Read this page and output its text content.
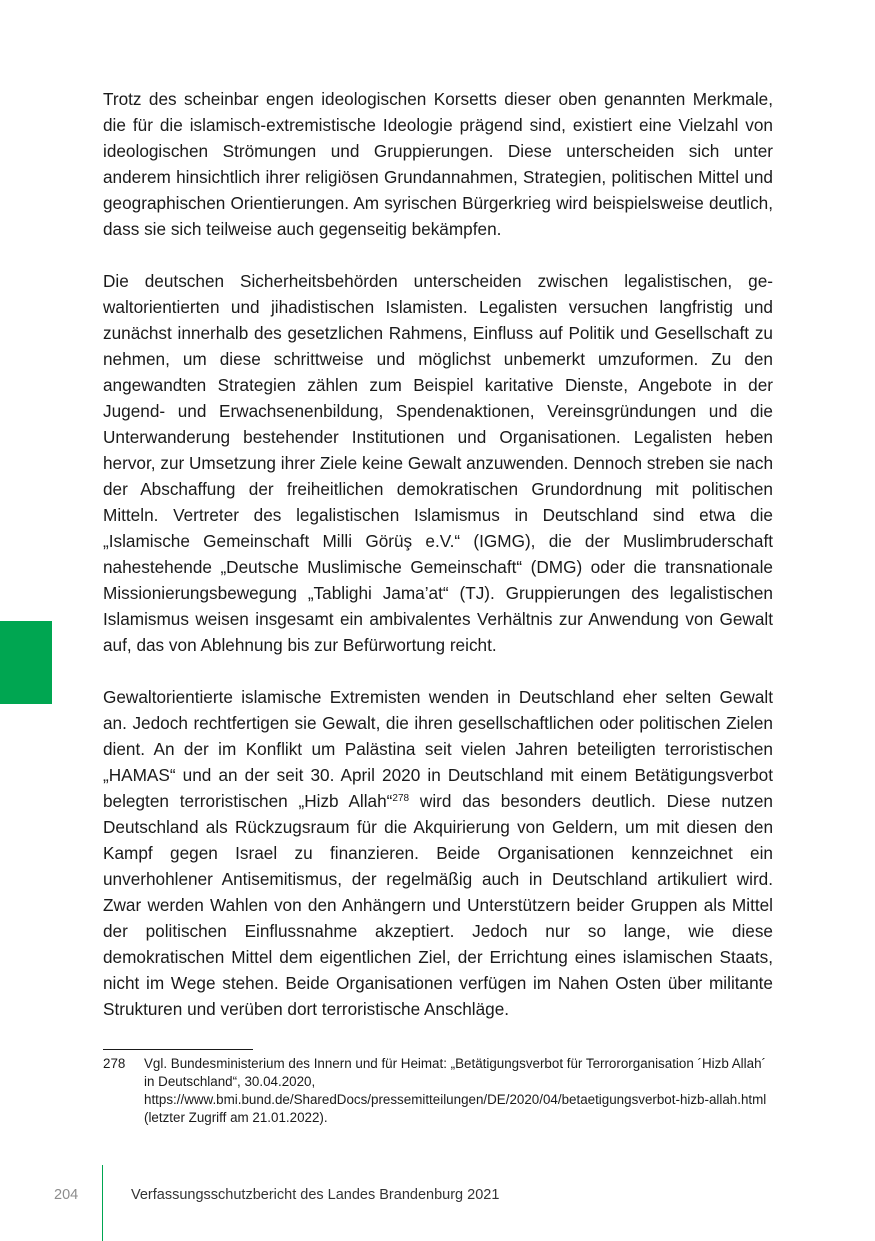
Trotz des scheinbar engen ideologischen Korsetts dieser oben genannten Merkmale, die für die islamisch-extremistische Ideologie prägend sind, existiert eine Vielzahl von ideologischen Strömungen und Gruppierungen. Diese unterscheiden sich unter anderem hinsichtlich ihrer religiösen Grundannahmen, Strategien, politischen Mittel und geographischen Orientierungen. Am syrischen Bürgerkrieg wird beispielsweise deutlich, dass sie sich teilweise auch gegenseitig bekämpfen.

Die deutschen Sicherheitsbehörden unterscheiden zwischen legalistischen, gewaltorientierten und jihadistischen Islamisten. Legalisten versuchen langfristig und zunächst innerhalb des gesetzlichen Rahmens, Einfluss auf Politik und Gesellschaft zu nehmen, um diese schrittweise und möglichst unbemerkt umzuformen. Zu den angewandten Strategien zählen zum Beispiel karitative Dienste, Angebote in der Jugend- und Erwachsenenbildung, Spendenaktionen, Vereinsgründungen und die Unterwanderung bestehender Institutionen und Organisationen. Legalisten heben hervor, zur Umsetzung ihrer Ziele keine Gewalt anzuwenden. Dennoch streben sie nach der Abschaffung der freiheitlichen demokratischen Grundordnung mit politischen Mitteln. Vertreter des legalistischen Islamismus in Deutschland sind etwa die „Islamische Gemeinschaft Milli Görüş e.V.“ (IGMG), die der Muslimbruderschaft nahestehende „Deutsche Muslimische Gemeinschaft“ (DMG) oder die transnationale Missionierungsbewegung „Tablighi Jama’at“ (TJ). Gruppierungen des legalistischen Islamismus weisen insgesamt ein ambivalentes Verhältnis zur Anwendung von Gewalt auf, das von Ablehnung bis zur Befürwortung reicht.

Gewaltorientierte islamische Extremisten wenden in Deutschland eher selten Gewalt an. Jedoch rechtfertigen sie Gewalt, die ihren gesellschaftlichen oder politischen Zielen dient. An der im Konflikt um Palästina seit vielen Jahren beteiligten terroristischen „HAMAS“ und an der seit 30. April 2020 in Deutschland mit einem Betätigungsverbot belegten terroristischen „Hizb Allah“$^{278}$ wird das besonders deutlich. Diese nutzen Deutschland als Rückzugsraum für die Akquirierung von Geldern, um mit diesen den Kampf gegen Israel zu finanzieren. Beide Organisationen kennzeichnet ein unverhohlener Antisemitismus, der regelmäßig auch in Deutschland artikuliert wird. Zwar werden Wahlen von den Anhängern und Unterstützern beider Gruppen als Mittel der politischen Einflussnahme akzeptiert. Jedoch nur so lange, wie diese demokratischen Mittel dem eigentlichen Ziel, der Errichtung eines islamischen Staats, nicht im Wege stehen. Beide Organisationen verfügen im Nahen Osten über militante Strukturen und verüben dort terroristische Anschläge.

278	Vgl. Bundesministerium des Innern und für Heimat: „Betätigungsverbot für Terrororganisation ´Hizb Allah´ in Deutschland“, 30.04.2020, https://www.bmi.bund.de/SharedDocs/pressemitteilungen/DE/2020/04/betaetigungsverbot-hizb-allah.html (letzter Zugriff am 21.01.2022).
204	Verfassungsschutzbericht des Landes Brandenburg 2021
